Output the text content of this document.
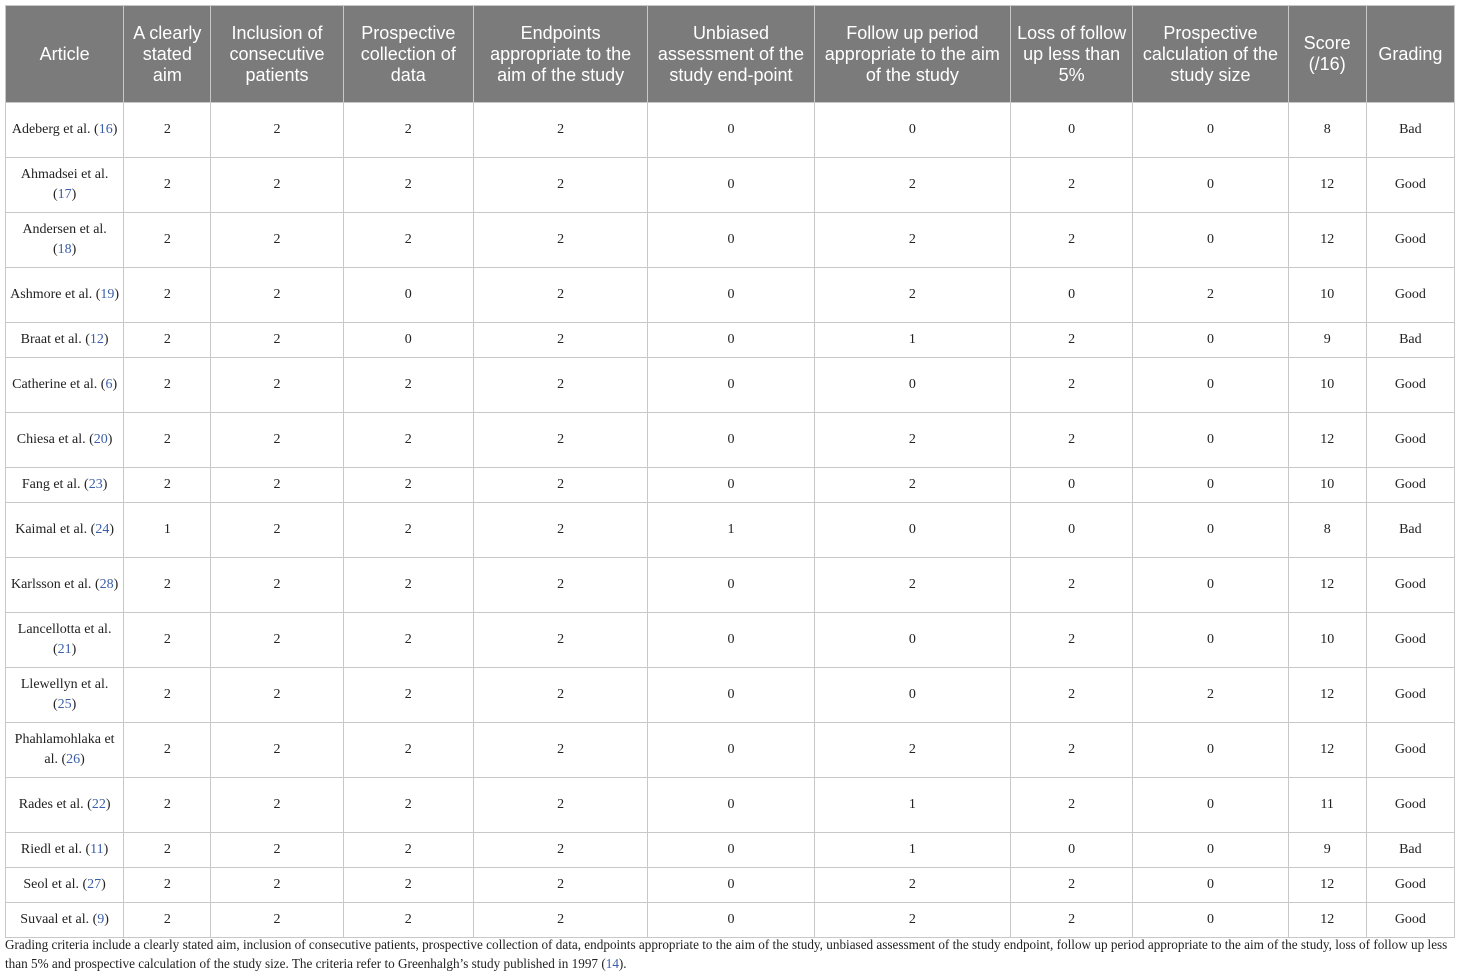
Article	A clearly stated aim	Inclusion of consecutive patients	Prospective collection of data	Endpoints appropriate to the aim of the study	Unbiased assessment of the study end-point	Follow up period appropriate to the aim of the study	Loss of follow up less than 5%	Prospective calculation of the study size	Score (/16)	Grading
Adeberg et al. (16)	2	2	2	2	0	0	0	0	8	Bad
Ahmadsei et al. (17)	2	2	2	2	0	2	2	0	12	Good
Andersen et al. (18)	2	2	2	2	0	2	2	0	12	Good
Ashmore et al. (19)	2	2	0	2	0	2	0	2	10	Good
Braat et al. (12)	2	2	0	2	0	1	2	0	9	Bad
Catherine et al. (6)	2	2	2	2	0	0	2	0	10	Good
Chiesa et al. (20)	2	2	2	2	0	2	2	0	12	Good
Fang et al. (23)	2	2	2	2	0	2	0	0	10	Good
Kaimal et al. (24)	1	2	2	2	1	0	0	0	8	Bad
Karlsson et al. (28)	2	2	2	2	0	2	2	0	12	Good
Lancellotta et al. (21)	2	2	2	2	0	0	2	0	10	Good
Llewellyn et al. (25)	2	2	2	2	0	0	2	2	12	Good
Phahlamohlaka et al. (26)	2	2	2	2	0	2	2	0	12	Good
Rades et al. (22)	2	2	2	2	0	1	2	0	11	Good
Riedl et al. (11)	2	2	2	2	0	1	0	0	9	Bad
Seol et al. (27)	2	2	2	2	0	2	2	0	12	Good
Suvaal et al. (9)	2	2	2	2	0	2	2	0	12	Good

Grading criteria include a clearly stated aim, inclusion of consecutive patients, prospective collection of data, endpoints appropriate to the aim of the study, unbiased assessment of the study endpoint, follow up period appropriate to the aim of the study, loss of follow up less than 5% and prospective calculation of the study size. The criteria refer to Greenhalgh’s study published in 1997 (14).
